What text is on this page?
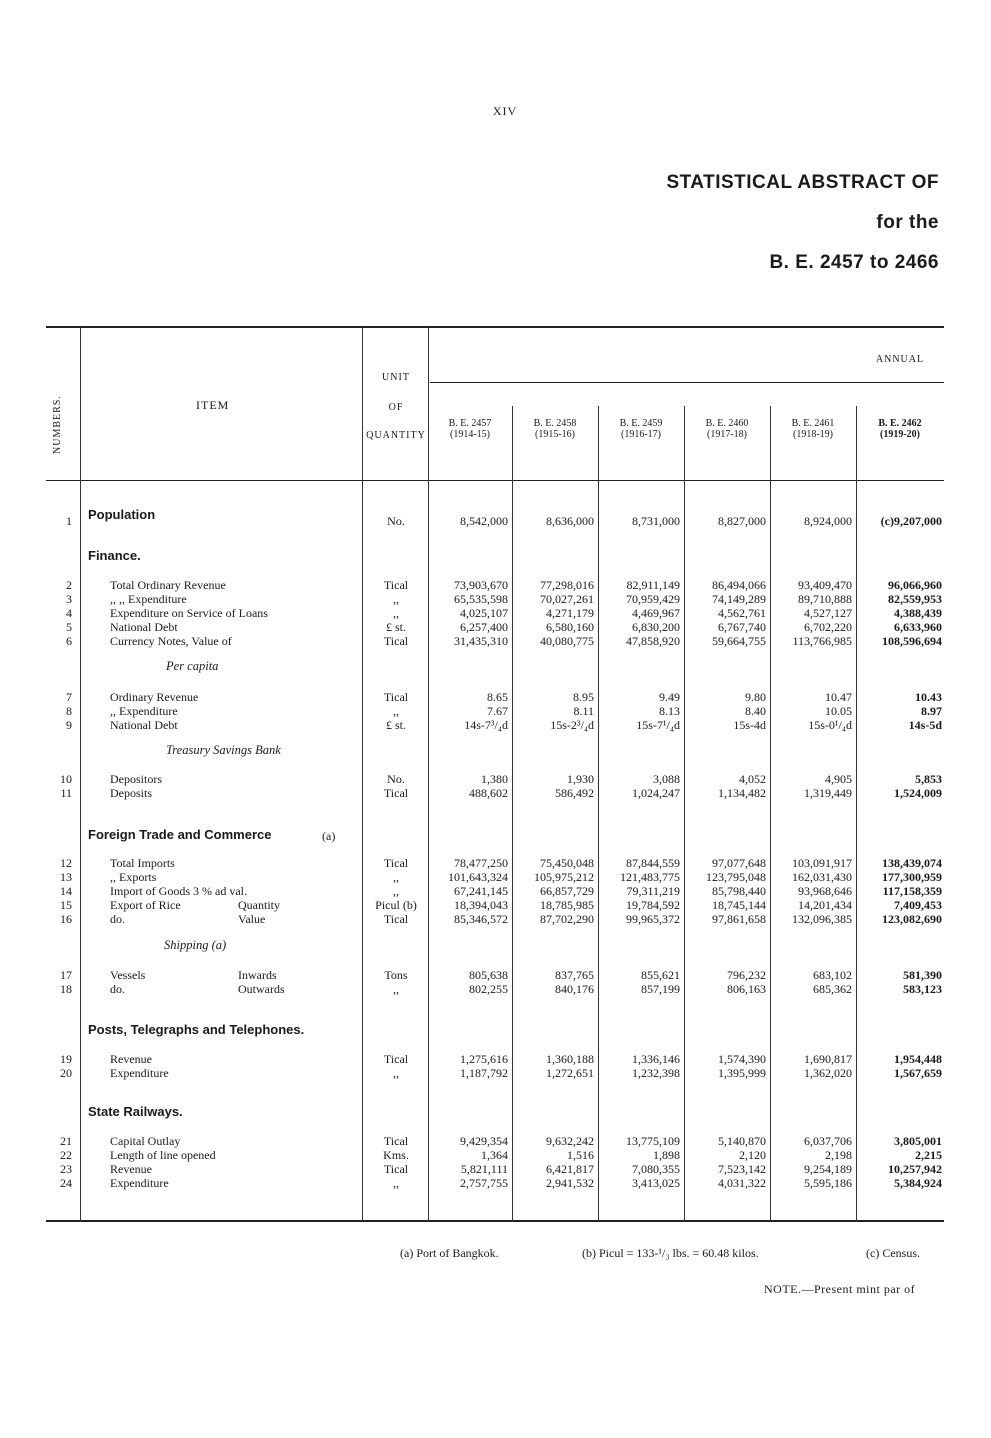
XIV
STATISTICAL ABSTRACT OF
for the
B. E. 2457 to 2466
NUMBERS.	ITEM
UNIT
OF
QUANTITY
ANNUAL
B. E. 2457
(1914-15)
B. E. 2458
(1915-16)
B. E. 2459
(1916-17)
B. E. 2460
(1917-18)
B. E. 2461
(1918-19)
B. E. 2462
(1919-20)
Population
Finance.
Per capita
Treasury Savings Bank
Foreign Trade and Commerce	(a)
Shipping (a)
Posts, Telegraphs and Telephones.
State Railways.
1	No.	8,542,000	8,636,000	8,731,000	8,827,000	8,924,000	(c)9,207,000
2	Total Ordinary Revenue	Tical	73,903,670	77,298,016	82,911,149	86,494,066	93,409,470	96,066,960
3	,, ,, Expenditure	,,	65,535,598	70,027,261	70,959,429	74,149,289	89,710,888	82,559,953
4	Expenditure on Service of Loans	,,	4,025,107	4,271,179	4,469,967	4,562,761	4,527,127	4,388,439
5	National Debt	£ st.	6,257,400	6,580,160	6,830,200	6,767,740	6,702,220	6,633,960
6	Currency Notes, Value of	Tical	31,435,310	40,080,775	47,858,920	59,664,755	113,766,985	108,596,694
7	Ordinary Revenue	Tical	8.65	8.95	9.49	9.80	10.47	10.43
8	,, Expenditure	,,	7.67	8.11	8.13	8.40	10.05	8.97
9	National Debt	£ st.	14s-7³/₄d	15s-2³/₄d	15s-7¹/₄d	15s-4d	15s-0¹/₄d	14s-5d
10	Depositors	No.	1,380	1,930	3,088	4,052	4,905	5,853
11	Deposits	Tical	488,602	586,492	1,024,247	1,134,482	1,319,449	1,524,009
12	Total Imports	Tical	78,477,250	75,450,048	87,844,559	97,077,648	103,091,917	138,439,074
13	,, Exports	,,	101,643,324	105,975,212	121,483,775	123,795,048	162,031,430	177,300,959
14	Import of Goods 3 % ad val.	,,	67,241,145	66,857,729	79,311,219	85,798,440	93,968,646	117,158,359
15	Export of Rice	Quantity	Picul (b)	18,394,043	18,785,985	19,784,592	18,745,144	14,201,434	7,409,453
16	do.	Value	Tical	85,346,572	87,702,290	99,965,372	97,861,658	132,096,385	123,082,690
17	Vessels	Inwards	Tons	805,638	837,765	855,621	796,232	683,102	581,390
18	do.	Outwards	,,	802,255	840,176	857,199	806,163	685,362	583,123
19	Revenue	Tical	1,275,616	1,360,188	1,336,146	1,574,390	1,690,817	1,954,448
20	Expenditure	,,	1,187,792	1,272,651	1,232,398	1,395,999	1,362,020	1,567,659
21	Capital Outlay	Tical	9,429,354	9,632,242	13,775,109	5,140,870	6,037,706	3,805,001
22	Length of line opened	Kms.	1,364	1,516	1,898	2,120	2,198	2,215
23	Revenue	Tical	5,821,111	6,421,817	7,080,355	7,523,142	9,254,189	10,257,942
24	Expenditure	,,	2,757,755	2,941,532	3,413,025	4,031,322	5,595,186	5,384,924
(a) Port of Bangkok.	(b) Picul = 133-¹/₃ lbs. = 60.48 kilos.	(c) Census.
NOTE.—Present mint par of
